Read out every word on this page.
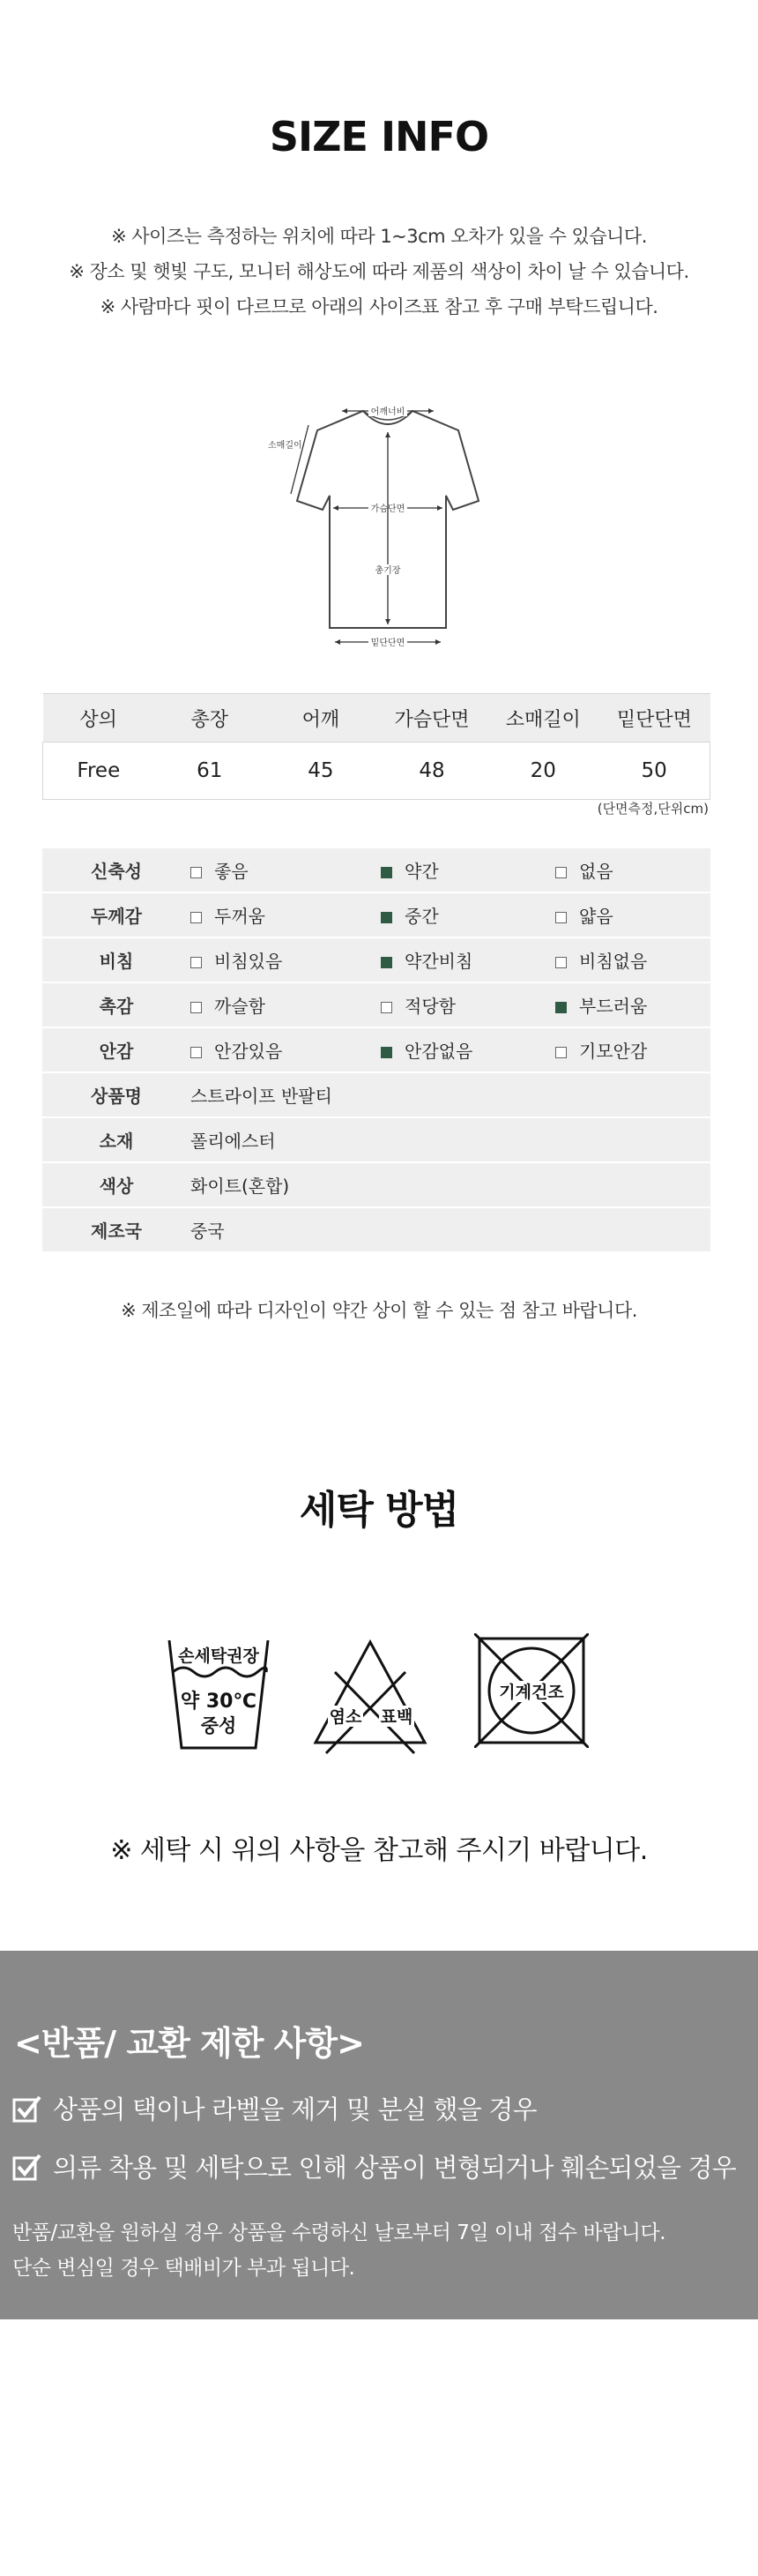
SIZE INFO
※ 사이즈는 측정하는 위치에 따라 1~3cm 오차가 있을 수 있습니다.
※ 장소 및 햇빛 구도, 모니터 해상도에 따라 제품의 색상이 차이 날 수 있습니다.
※ 사람마다 핏이 다르므로 아래의 사이즈표 참고 후 구매 부탁드립니다.
어깨너비
소매길이
가슴단면
총기장
밑단단면
상의	총장	어깨	가슴단면	소매길이	밑단단면
Free	61	45	48	20	50
(단면측정,단위cm)
신축성	좋음	약간	없음
두께감	두꺼움	중간	얇음
비침	비침있음	약간비침	비침없음
촉감	까슬함	적당함	부드러움
안감	안감있음	안감없음	기모안감
상품명	스트라이프 반팔티		
소재	폴리에스터		
색상	화이트(혼합)		
제조국	중국		
※ 제조일에 따라 디자인이 약간 상이 할 수 있는 점 참고 바랍니다.
세탁 방법
손세탁권장
약 30℃
중성	염소 표백
기계건조
※ 세탁 시 위의 사항을 참고해 주시기 바랍니다.
<반품/ 교환 제한 사항>
상품의 택이나 라벨을 제거 및 분실 했을 경우
의류 착용 및 세탁으로 인해 상품이 변형되거나 훼손되었을 경우
반품/교환을 원하실 경우 상품을 수령하신 날로부터 7일 이내 접수 바랍니다.
단순 변심일 경우 택배비가 부과 됩니다.
